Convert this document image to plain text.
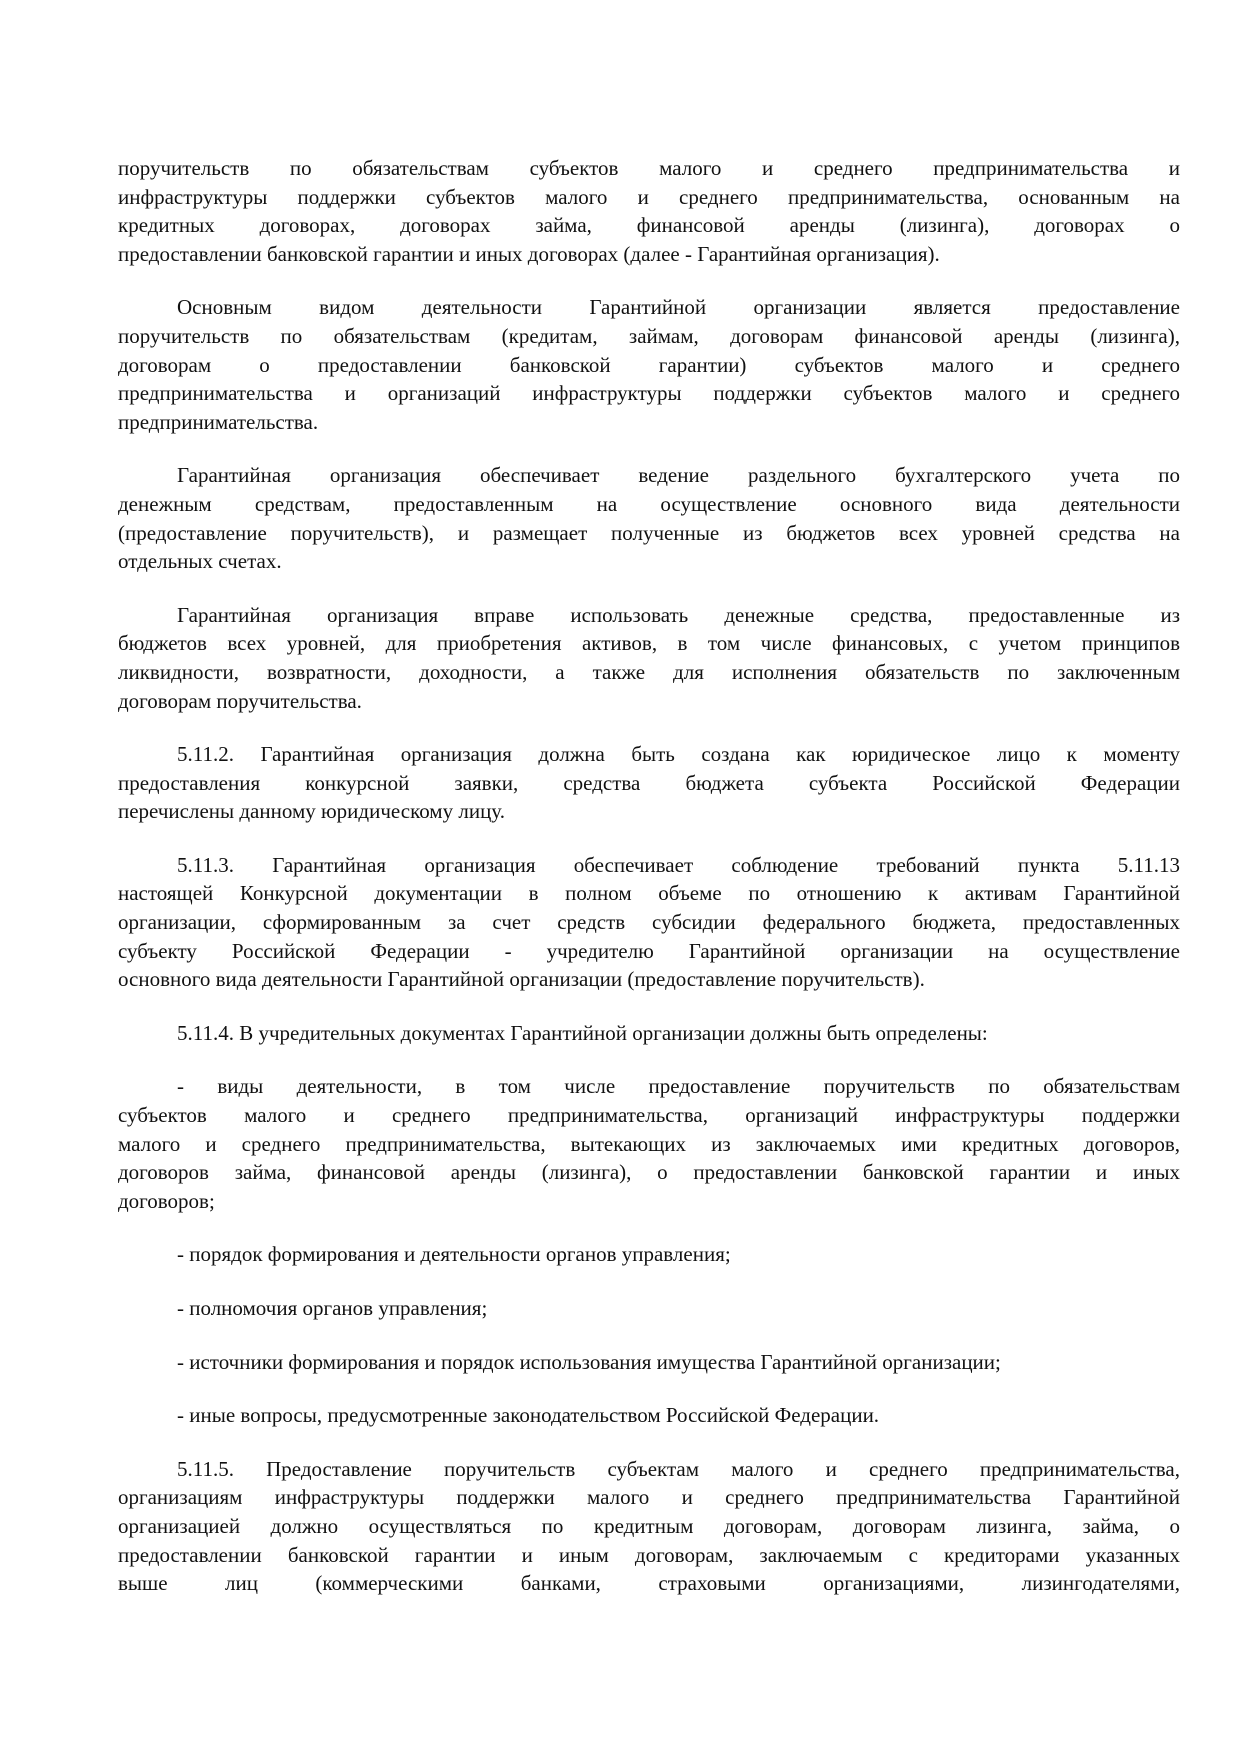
поручительств по обязательствам субъектов малого и среднего предпринимательства и
инфраструктуры поддержки субъектов малого и среднего предпринимательства, основанным на
кредитных договорах, договорах займа, финансовой аренды (лизинга), договорах о
предоставлении банковской гарантии и иных договорах (далее - Гарантийная организация).
Основным видом деятельности Гарантийной организации является предоставление
поручительств по обязательствам (кредитам, займам, договорам финансовой аренды (лизинга),
договорам о предоставлении банковской гарантии) субъектов малого и среднего
предпринимательства и организаций инфраструктуры поддержки субъектов малого и среднего
предпринимательства.
Гарантийная организация обеспечивает ведение раздельного бухгалтерского учета по
денежным средствам, предоставленным на осуществление основного вида деятельности
(предоставление поручительств), и размещает полученные из бюджетов всех уровней средства на
отдельных счетах.
Гарантийная организация вправе использовать денежные средства, предоставленные из
бюджетов всех уровней, для приобретения активов, в том числе финансовых, с учетом принципов
ликвидности, возвратности, доходности, а также для исполнения обязательств по заключенным
договорам поручительства.
5.11.2. Гарантийная организация должна быть создана как юридическое лицо к моменту
предоставления конкурсной заявки, средства бюджета субъекта Российской Федерации
перечислены данному юридическому лицу.
5.11.3. Гарантийная организация обеспечивает соблюдение требований пункта 5.11.13
настоящей Конкурсной документации в полном объеме по отношению к активам Гарантийной
организации, сформированным за счет средств субсидии федерального бюджета, предоставленных
субъекту Российской Федерации - учредителю Гарантийной организации на осуществление
основного вида деятельности Гарантийной организации (предоставление поручительств).
5.11.4. В учредительных документах Гарантийной организации должны быть определены:
- виды деятельности, в том числе предоставление поручительств по обязательствам
субъектов малого и среднего предпринимательства, организаций инфраструктуры поддержки
малого и среднего предпринимательства, вытекающих из заключаемых ими кредитных договоров,
договоров займа, финансовой аренды (лизинга), о предоставлении банковской гарантии и иных
договоров;
- порядок формирования и деятельности органов управления;
- полномочия органов управления;
- источники формирования и порядок использования имущества Гарантийной организации;
- иные вопросы, предусмотренные законодательством Российской Федерации.
5.11.5. Предоставление поручительств субъектам малого и среднего предпринимательства,
организациям инфраструктуры поддержки малого и среднего предпринимательства Гарантийной
организацией должно осуществляться по кредитным договорам, договорам лизинга, займа, о
предоставлении банковской гарантии и иным договорам, заключаемым с кредиторами указанных
выше лиц (коммерческими банками, страховыми организациями, лизингодателями,
